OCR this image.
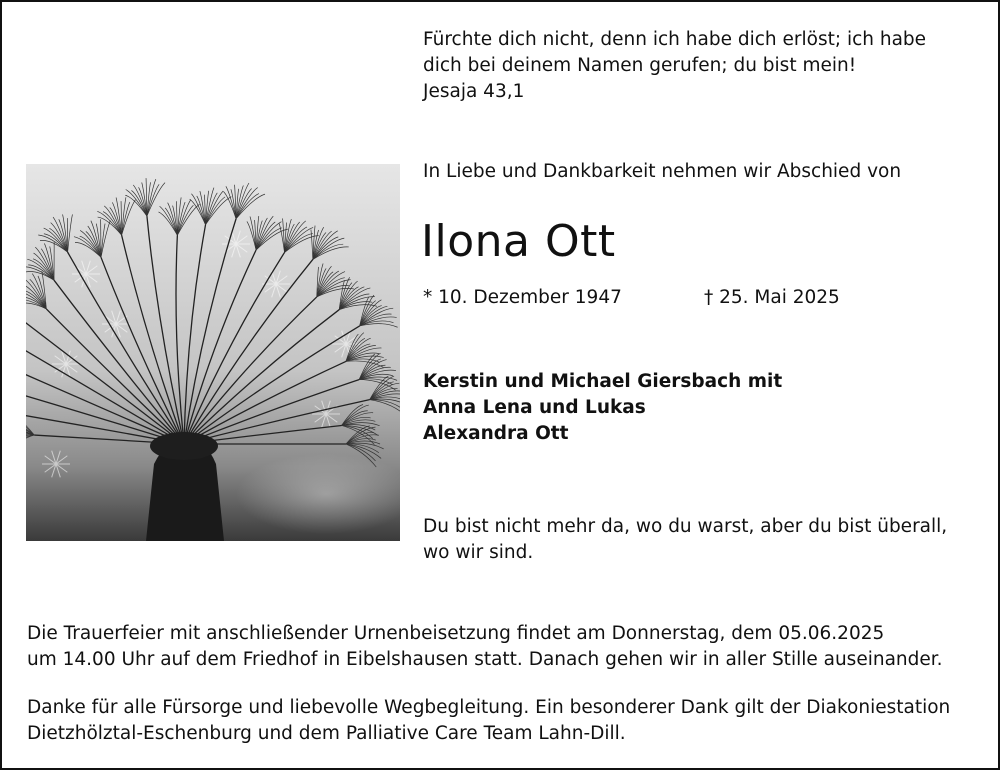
Fürchte dich nicht, denn ich habe dich erlöst; ich habe

dich bei deinem Namen gerufen; du bist mein!

Jesaja 43,1

In Liebe und Dankbarkeit nehmen wir Abschied von
Ilona Ott
* 10. Dezember 1947	† 25. Mai 2025
Kerstin und Michael Giersbach mit
Anna Lena und Lukas
Alexandra Ott

Du bist nicht mehr da, wo du warst, aber du bist überall,

wo wir sind.

Die Trauerfeier mit anschließender Urnenbeisetzung findet am Donnerstag, dem 05.06.2025

um 14.00 Uhr auf dem Friedhof in Eibelshausen statt. Danach gehen wir in aller Stille auseinander.

Danke für alle Fürsorge und liebevolle Wegbegleitung. Ein besonderer Dank gilt der Diakoniestation

Dietzhölztal-Eschenburg und dem Palliative Care Team Lahn-Dill.
